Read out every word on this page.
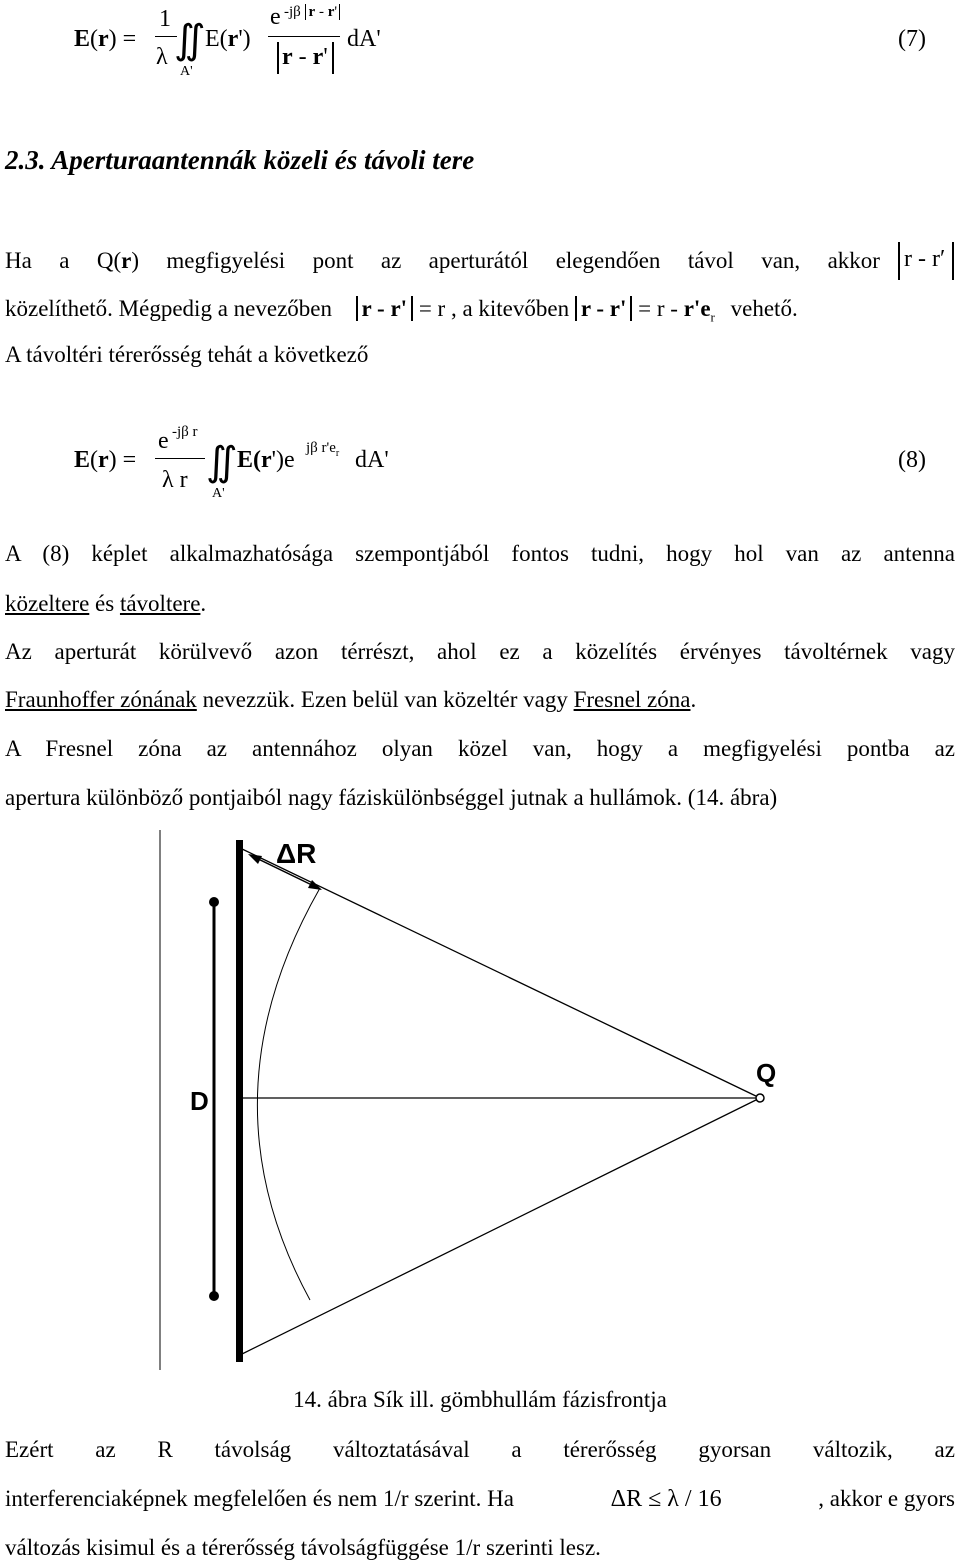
E(r) =
1
λ ∬
A'
E(r')
e -jβ r - r'
r - r'
dA'	(7)
2.3. Aperturaantennák közeli és távoli tere
Ha a Q(r) megfigyelési pont az aperturától elegendően távol van, akkor r - r′
közelíthető. Mégpedig a nevezőben r - r' = r , a kitevőben $r - r' = r - r'e_r$ vehető.
A távoltéri térerősség tehát a következő
E(r) =
e -jβ r
λ r ∬
A'
E(r')e jβ $r'e_r$ dA'	(8)
A (8) képlet alkalmazhatósága szempontjából fontos tudni, hogy hol van az antenna
közeltere és távoltere.
Az aperturát körülvevő azon térrészt, ahol ez a közelítés érvényes távoltérnek vagy
Fraunhoffer zónának nevezzük. Ezen belül van közeltér vagy Fresnel zóna.
A Fresnel zóna az antennához olyan közel van, hogy a megfigyelési pontba az
apertura különböző pontjaiból nagy fáziskülönbséggel jutnak a hullámok. (14. ábra)
ΔR
D
Q
14. ábra Sík ill. gömbhullám fázisfrontja
Ezért az R távolság változtatásával a térerősség gyorsan változik, az
interferenciaképnek megfelelően és nem 1/r szerint. Ha	ΔR ≤ λ / 16	, akkor e gyors
változás kisimul és a térerősség távolságfüggése 1/r szerinti lesz.
